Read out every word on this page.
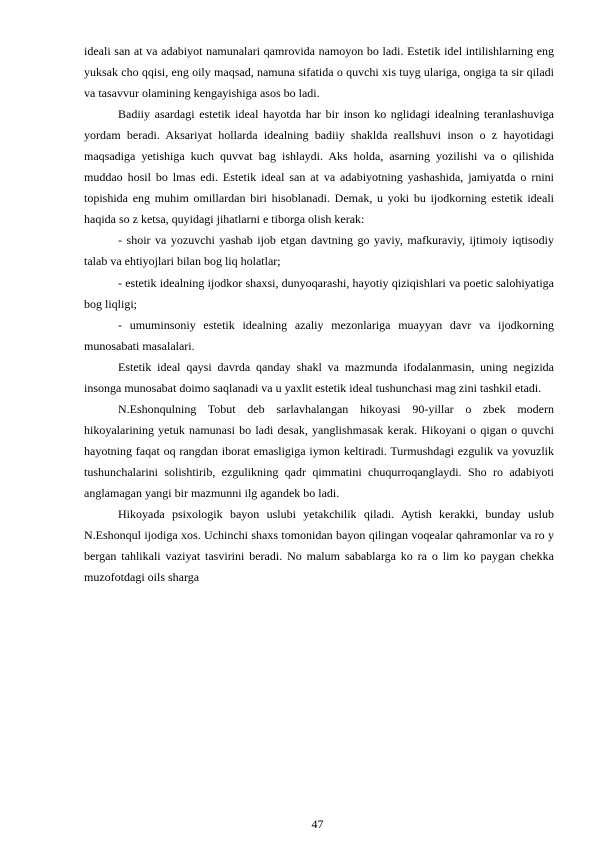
ideali san at va adabiyot namunalari qamrovida namoyon bo ladi. Estetik idel intilishlarning eng yuksak cho qqisi, eng oily maqsad, namuna sifatida o quvchi xis tuyg ulariga, ongiga ta sir qiladi va tasavvur olamining kengayishiga asos bo ladi.

Badiiy asardagi estetik ideal hayotda har bir inson ko nglidagi idealning teranlashuviga yordam beradi. Aksariyat hollarda idealning badiiy shaklda reallshuvi inson o z hayotidagi maqsadiga yetishiga kuch quvvat bag ishlaydi. Aks holda, asarning yozilishi va o qilishida muddao hosil bo lmas edi. Estetik ideal san at va adabiyotning yashashida, jamiyatda o rnini topishida eng muhim omillardan biri hisoblanadi. Demak, u yoki bu ijodkorning estetik ideali haqida so z ketsa, quyidagi jihatlarni e tiborga olish kerak:

- shoir va yozuvchi yashab ijob etgan davtning go yaviy, mafkuraviy, ijtimoiy iqtisodiy talab va ehtiyojlari bilan bog liq holatlar;

- estetik idealning ijodkor shaxsi, dunyoqarashi, hayotiy qiziqishlari va poetic salohiyatiga bog liqligi;

- umuminsoniy estetik idealning azaliy mezonlariga muayyan davr va ijodkorning munosabati masalalari.

Estetik ideal qaysi davrda qanday shakl va mazmunda ifodalanmasin, uning negizida insonga munosabat doimo saqlanadi va u yaxlit estetik ideal tushunchasi mag zini tashkil etadi.

N.Eshonqulning Tobut deb sarlavhalangan hikoyasi 90-yillar o zbek modern hikoyalarining yetuk namunasi bo ladi desak, yanglishmasak kerak. Hikoyani o qigan o quvchi hayotning faqat oq rangdan iborat emasligiga iymon keltiradi. Turmushdagi ezgulik va yovuzlik tushunchalarini solishtirib, ezgulikning qadr qimmatini chuqurroqanglaydi. Sho ro adabiyoti anglamagan yangi bir mazmunni ilg agandek bo ladi.

Hikoyada psixologik bayon uslubi yetakchilik qiladi. Aytish kerakki, bunday uslub N.Eshonqul ijodiga xos. Uchinchi shaxs tomonidan bayon qilingan voqealar qahramonlar va ro y bergan tahlikali vaziyat tasvirini beradi. No malum sabablarga ko ra o lim ko paygan chekka muzofotdagi oils sharga

47
